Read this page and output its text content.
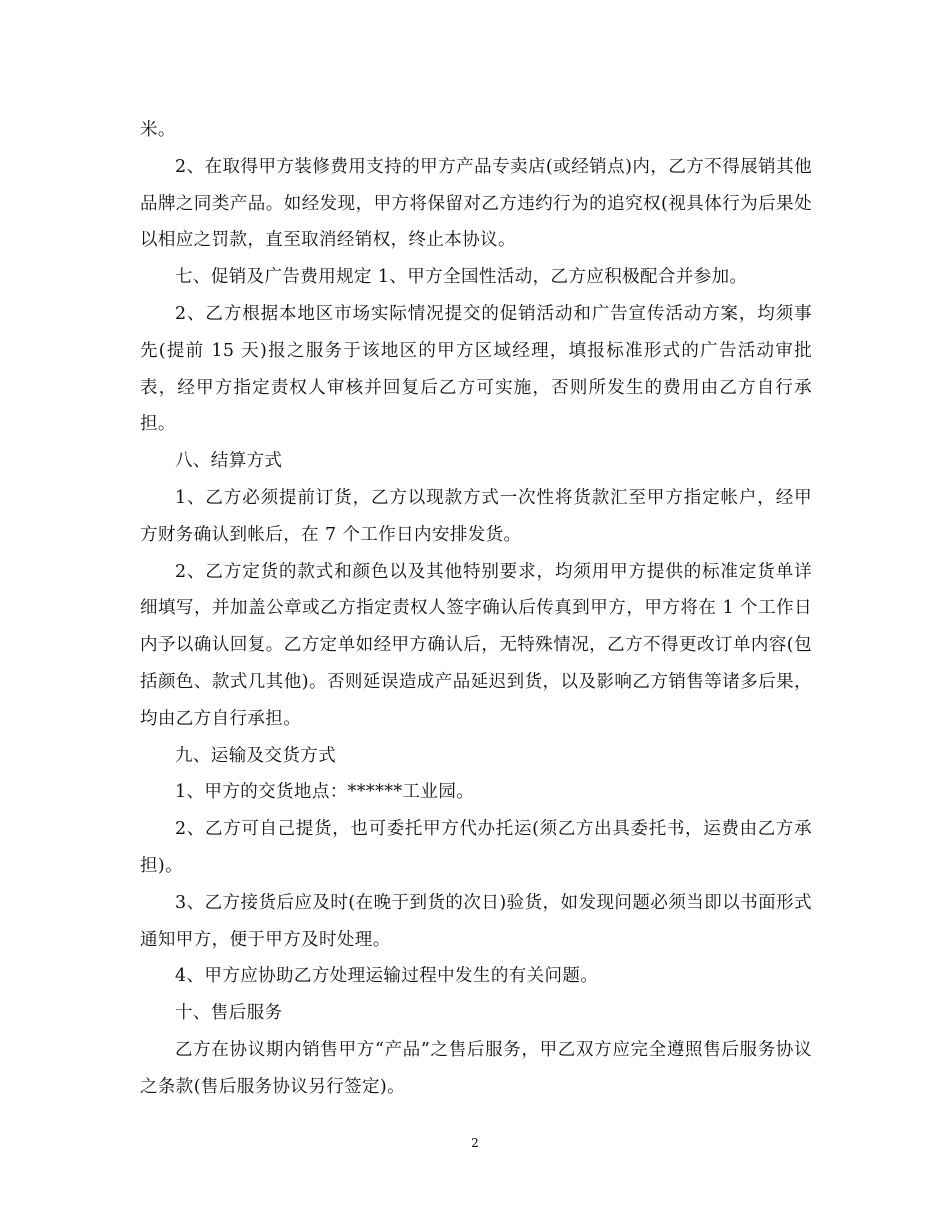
米。

2、在取得甲方装修费用支持的甲方产品专卖店(或经销点)内，乙方不得展销其他品牌之同类产品。如经发现，甲方将保留对乙方违约行为的追究权(视具体行为后果处以相应之罚款，直至取消经销权，终止本协议。

七、促销及广告费用规定 1、甲方全国性活动，乙方应积极配合并参加。

2、乙方根据本地区市场实际情况提交的促销活动和广告宣传活动方案，均须事先(提前 15 天)报之服务于该地区的甲方区域经理，填报标准形式的广告活动审批表，经甲方指定责权人审核并回复后乙方可实施，否则所发生的费用由乙方自行承担。

八、结算方式

1、乙方必须提前订货，乙方以现款方式一次性将货款汇至甲方指定帐户，经甲方财务确认到帐后，在 7 个工作日内安排发货。

2、乙方定货的款式和颜色以及其他特别要求，均须用甲方提供的标准定货单详细填写，并加盖公章或乙方指定责权人签字确认后传真到甲方，甲方将在 1 个工作日内予以确认回复。乙方定单如经甲方确认后，无特殊情况，乙方不得更改订单内容(包括颜色、款式几其他)。否则延误造成产品延迟到货，以及影响乙方销售等诸多后果，均由乙方自行承担。

九、运输及交货方式

1、甲方的交货地点：******工业园。

2、乙方可自己提货，也可委托甲方代办托运(须乙方出具委托书，运费由乙方承担)。

3、乙方接货后应及时(在晚于到货的次日)验货，如发现问题必须当即以书面形式通知甲方，便于甲方及时处理。

4、甲方应协助乙方处理运输过程中发生的有关问题。

十、售后服务

乙方在协议期内销售甲方“产品”之售后服务，甲乙双方应完全遵照售后服务协议之条款(售后服务协议另行签定)。

2
